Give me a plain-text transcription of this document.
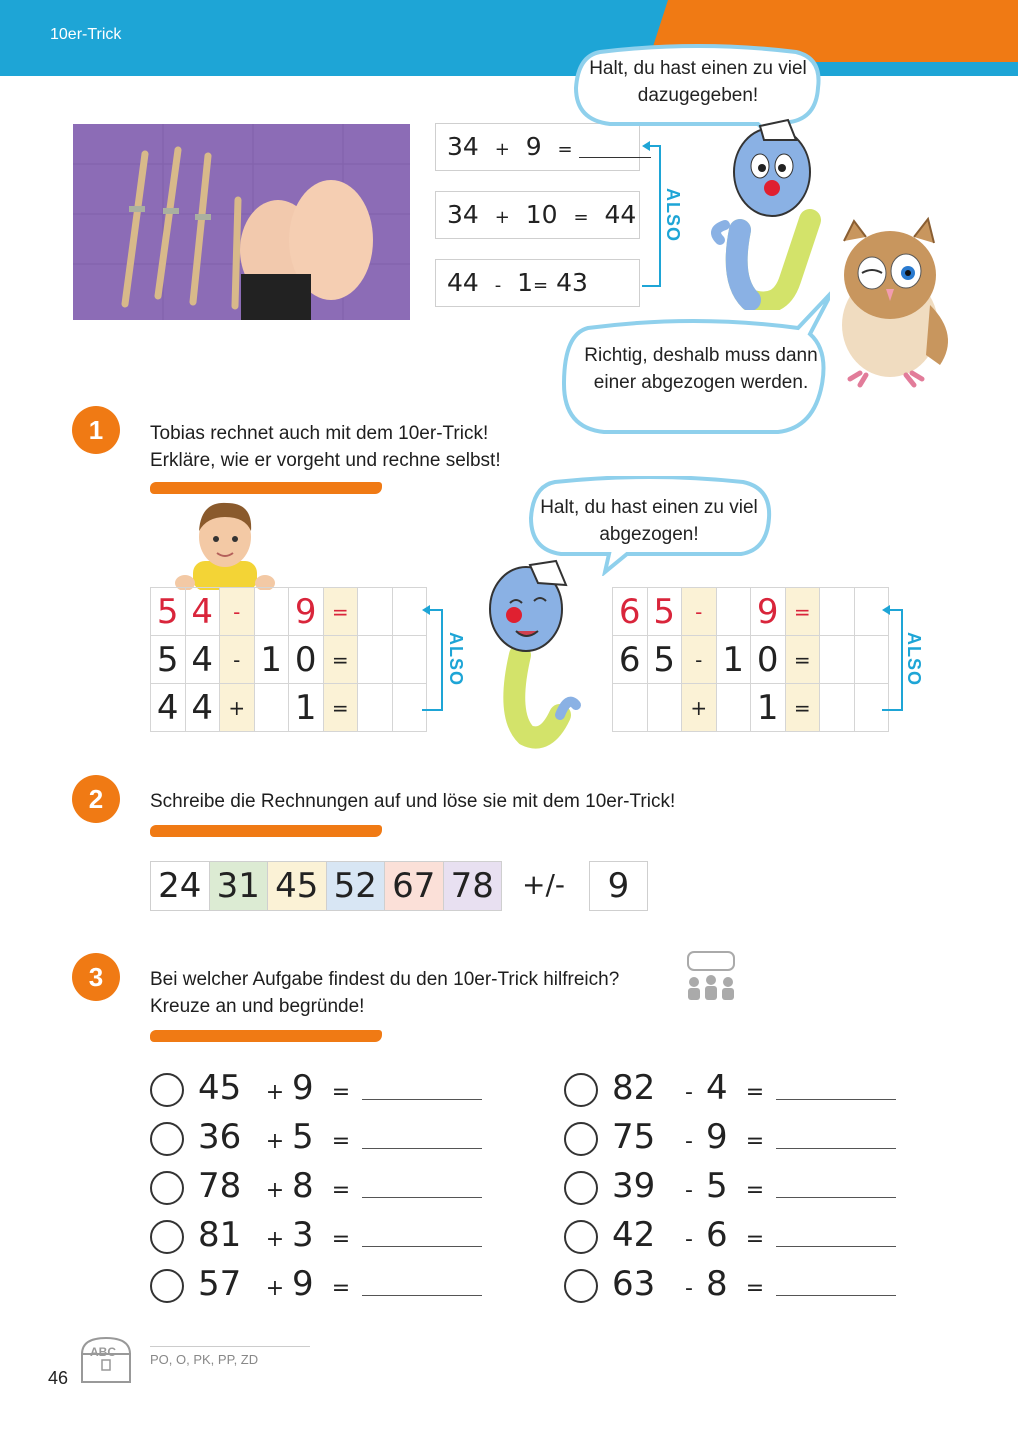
10er-Trick
34 + 9 =
34 + 10 = 44
44 - 1= 43
ALSO
Halt, du hast einen zu viel dazugegeben!
Richtig, deshalb muss dann einer abgezogen werden.
1	Tobias rechnet auch mit dem 10er-Trick!
Erkläre, wie er vorgeht und rechne selbst!
Halt, du hast einen zu viel abgezogen!
5	4	-		9	=		
5	4	-	1	0	=		
4	4	+		1	=		
ALSO
6	5	-		9	=		
6	5	-	1	0	=		
		+		1	=		
ALSO
2	Schreibe die Rechnungen auf und löse sie mit dem 10er-Trick!
24	31	45	52	67	78 +/-	9
3	Bei welcher Aufgabe findest du den 10er-Trick hilfreich?
Kreuze an und begründe!
45 + 9 =
36 + 5 =
78 + 8 =
81 + 3 =
57 + 9 =
82 - 4 =
75 - 9 =
39 - 5 =
42 - 6 =
63 - 8 =
ABC
46
PO, O, PK, PP, ZD
